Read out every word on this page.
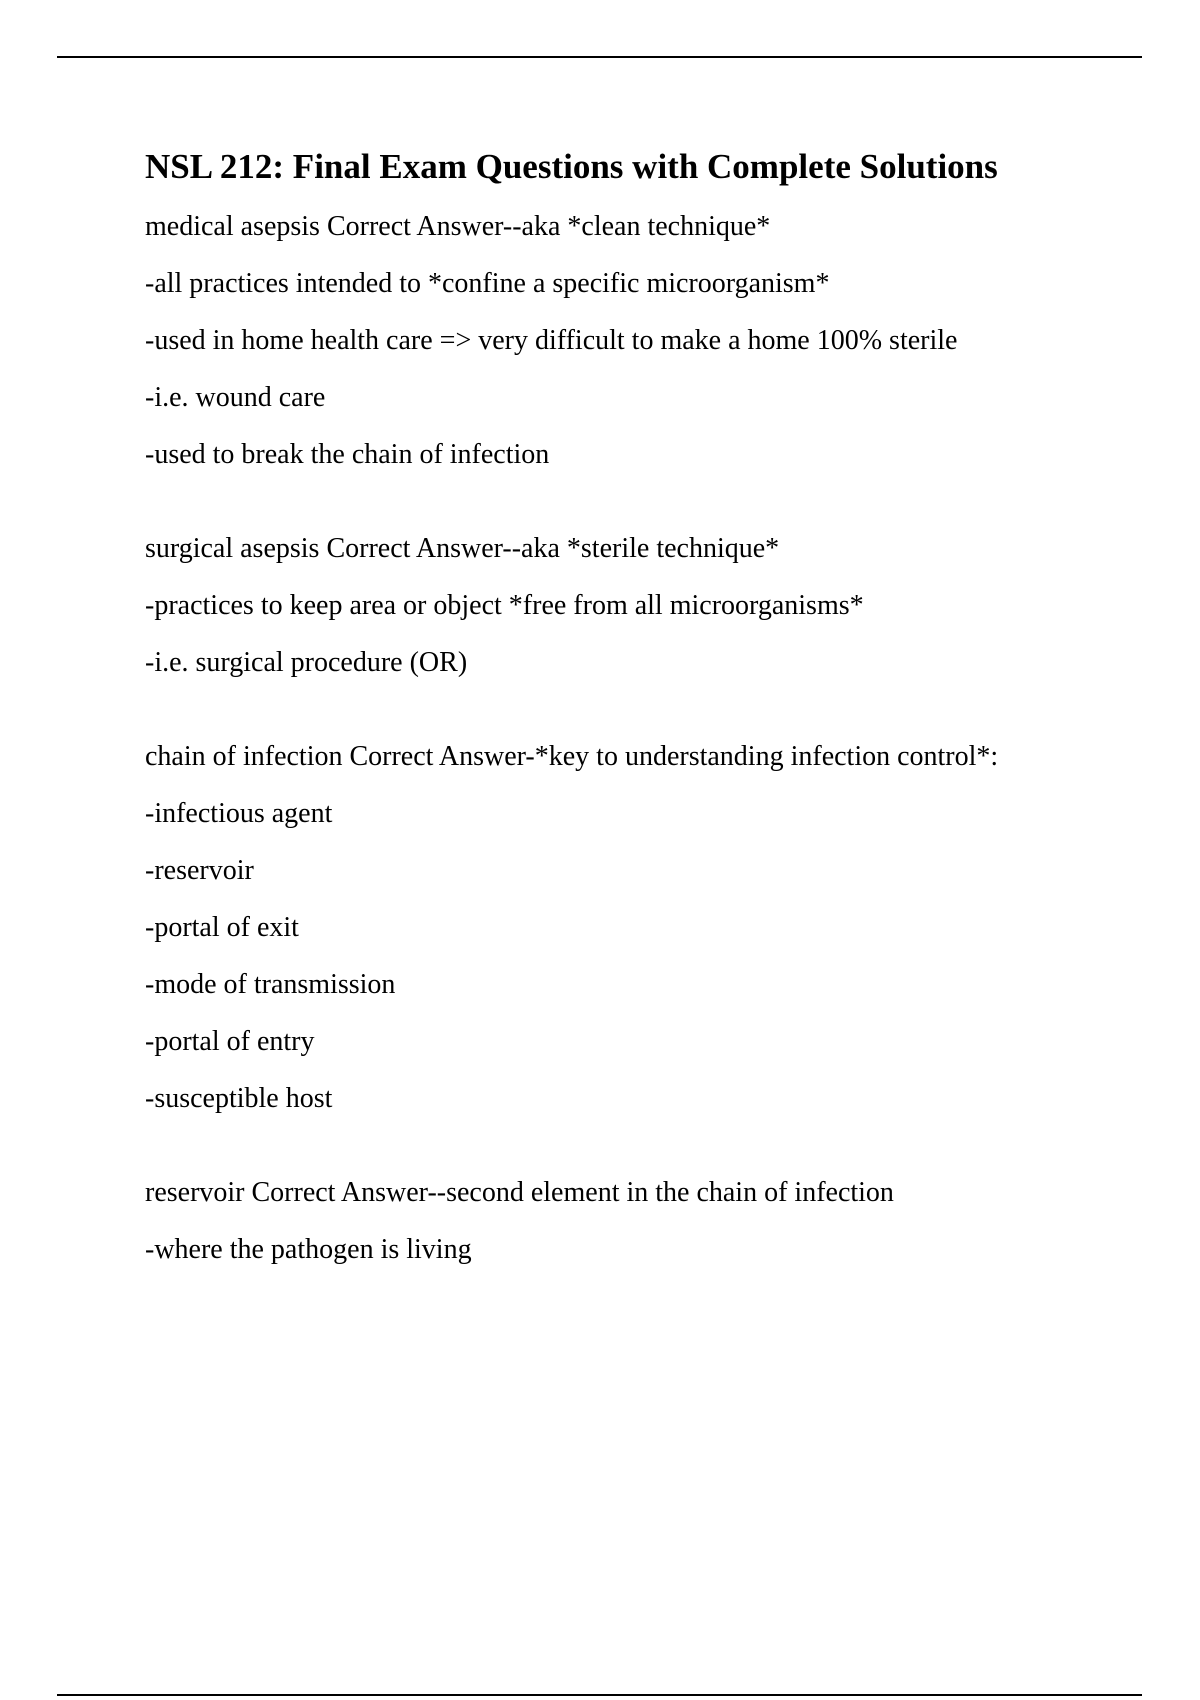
NSL 212: Final Exam Questions with Complete Solutions

medical asepsis Correct Answer--aka *clean technique*

-all practices intended to *confine a specific microorganism*

-used in home health care => very difficult to make a home 100% sterile

-i.e. wound care

-used to break the chain of infection

surgical asepsis Correct Answer--aka *sterile technique*

-practices to keep area or object *free from all microorganisms*

-i.e. surgical procedure (OR)

chain of infection Correct Answer-*key to understanding infection control*:

-infectious agent

-reservoir

-portal of exit

-mode of transmission

-portal of entry

-susceptible host

reservoir Correct Answer--second element in the chain of infection

-where the pathogen is living
